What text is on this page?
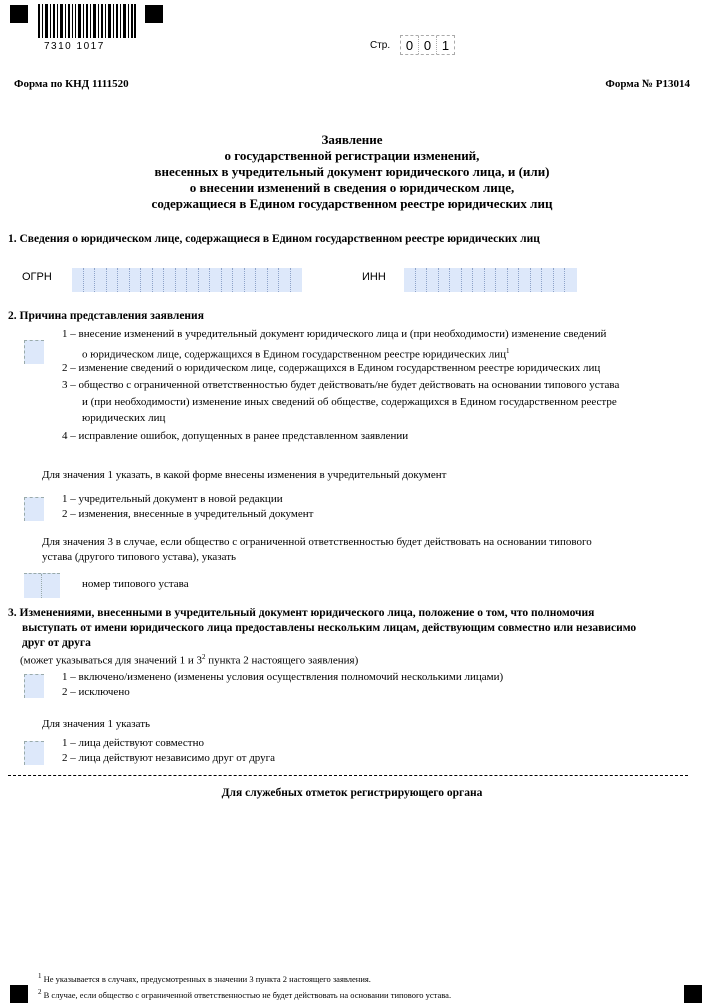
7310 1017	Стр.	0 0 1
Форма по КНД 1111520	Форма № Р13014
Заявление
о государственной регистрации изменений,
внесенных в учредительный документ юридического лица, и (или)
о внесении изменений в сведения о юридическом лице,
содержащиеся в Едином государственном реестре юридических лиц
1. Сведения о юридическом лице, содержащиеся в Едином государственном реестре юридических лиц
ОГРН	ИНН
2. Причина представления заявления
1 – внесение изменений в учредительный документ юридического лица и (при необходимости) изменение сведений
о юридическом лице, содержащихся в Едином государственном реестре юридических лиц$^1$
2 – изменение сведений о юридическом лице, содержащихся в Едином государственном реестре юридических лиц
3 – общество с ограниченной ответственностью будет действовать/не будет действовать на основании типового устава
и (при необходимости) изменение иных сведений об обществе, содержащихся в Едином государственном реестре
юридических лиц
4 – исправление ошибок, допущенных в ранее представленном заявлении
Для значения 1 указать, в какой форме внесены изменения в учредительный документ
1 – учредительный документ в новой редакции
2 – изменения, внесенные в учредительный документ
Для значения 3 в случае, если общество с ограниченной ответственностью будет действовать на основании типового
устава (другого типового устава), указать
номер типового устава
3. Изменениями, внесенными в учредительный документ юридического лица, положение о том, что полномочия
выступать от имени юридического лица предоставлены нескольким лицам, действующим совместно или независимо
друг от друга
(может указываться для значений 1 и $3^2$ пункта 2 настоящего заявления)
1 – включено/изменено (изменены условия осуществления полномочий несколькими лицами)
2 – исключено
Для значения 1 указать
1 – лица действуют совместно
2 – лица действуют независимо друг от друга
Для служебных отметок регистрирующего органа
$^1$ Не указывается в случаях, предусмотренных в значении 3 пункта 2 настоящего заявления.
$^2$ В случае, если общество с ограниченной ответственностью не будет действовать на основании типового устава.
